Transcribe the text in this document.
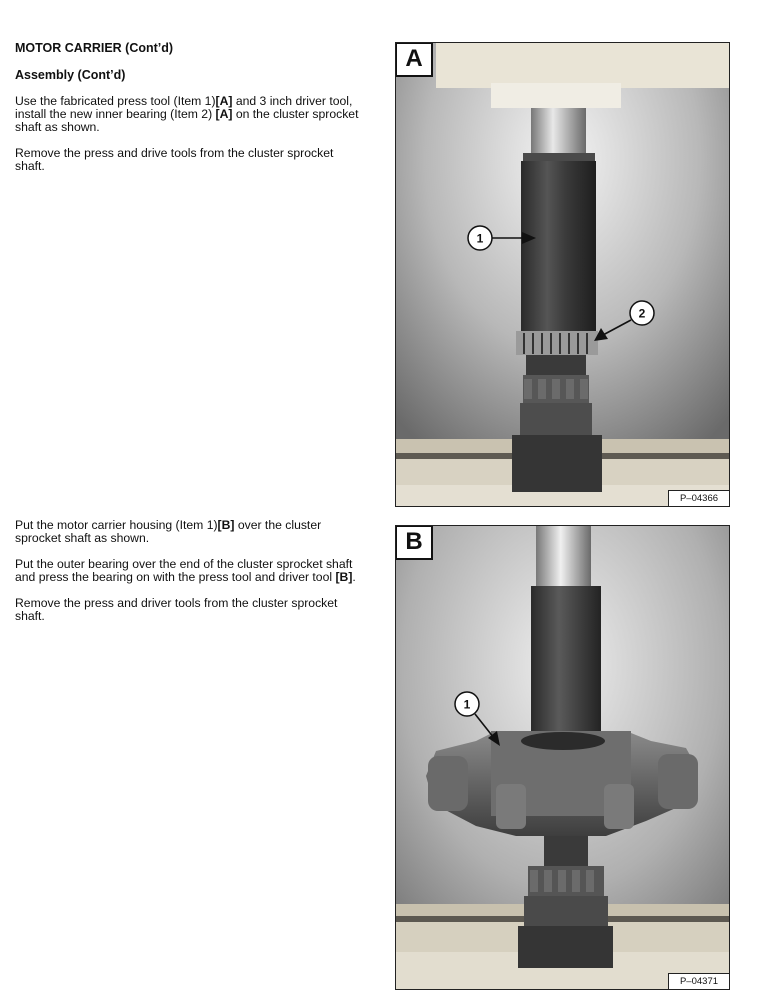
MOTOR CARRIER (Cont’d)
Assembly (Cont’d)

Use the fabricated press tool (Item 1)[A] and 3 inch driver tool, install the new inner bearing (Item 2) [A] on the cluster sprocket shaft as shown.

Remove the press and drive tools from the cluster sprocket shaft.

Put the motor carrier housing (Item 1)[B] over the cluster sprocket shaft as shown.

Put the outer bearing over the end of the cluster sprocket shaft and press the bearing on with the press tool and driver tool [B].

Remove the press and driver tools from the cluster sprocket shaft.

1
2
A
P–04366
1
B
P–04371
